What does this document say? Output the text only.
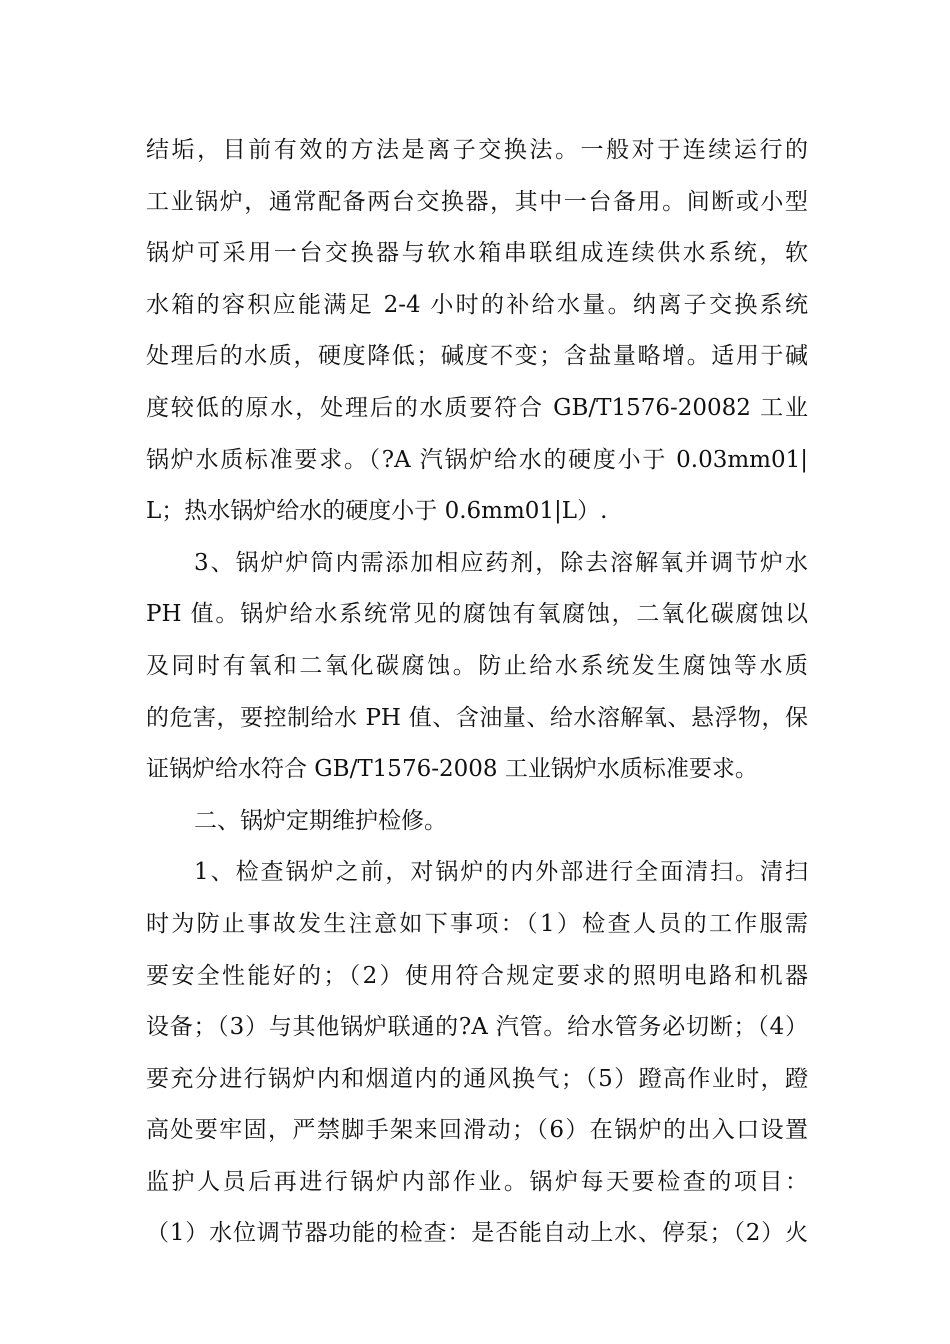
结垢，目前有效的方法是离子交换法。一般对于连续运行的
工业锅炉，通常配备两台交换器，其中一台备用。间断或小型
锅炉可采用一台交换器与软水箱串联组成连续供水系统，软
水箱的容积应能满足 2-4 小时的补给水量。纳离子交换系统
处理后的水质，硬度降低；碱度不变；含盐量略增。适用于碱
度较低的原水，处理后的水质要符合 GB/T1576-20082 工业
锅炉水质标准要求。（?A 汽锅炉给水的硬度小于 0.03mm01|
L；热水锅炉给水的硬度小于 0.6mm01|L）.
3、锅炉炉筒内需添加相应药剂，除去溶解氧并调节炉水
PH 值。锅炉给水系统常见的腐蚀有氧腐蚀，二氧化碳腐蚀以
及同时有氧和二氧化碳腐蚀。防止给水系统发生腐蚀等水质
的危害，要控制给水 PH 值、含油量、给水溶解氧、悬浮物，保
证锅炉给水符合 GB/T1576-2008 工业锅炉水质标准要求。
二、锅炉定期维护检修。
1、检查锅炉之前，对锅炉的内外部进行全面清扫。清扫
时为防止事故发生注意如下事项：（1）检查人员的工作服需
要安全性能好的；（2）使用符合规定要求的照明电路和机器
设备；（3）与其他锅炉联通的?A 汽管。给水管务必切断；（4）
要充分进行锅炉内和烟道内的通风换气；（5）蹬高作业时，蹬
高处要牢固，严禁脚手架来回滑动；（6）在锅炉的出入口设置
监护人员后再进行锅炉内部作业。锅炉每天要检查的项目：
（1）水位调节器功能的检查：是否能自动上水、停泵；（2）火
